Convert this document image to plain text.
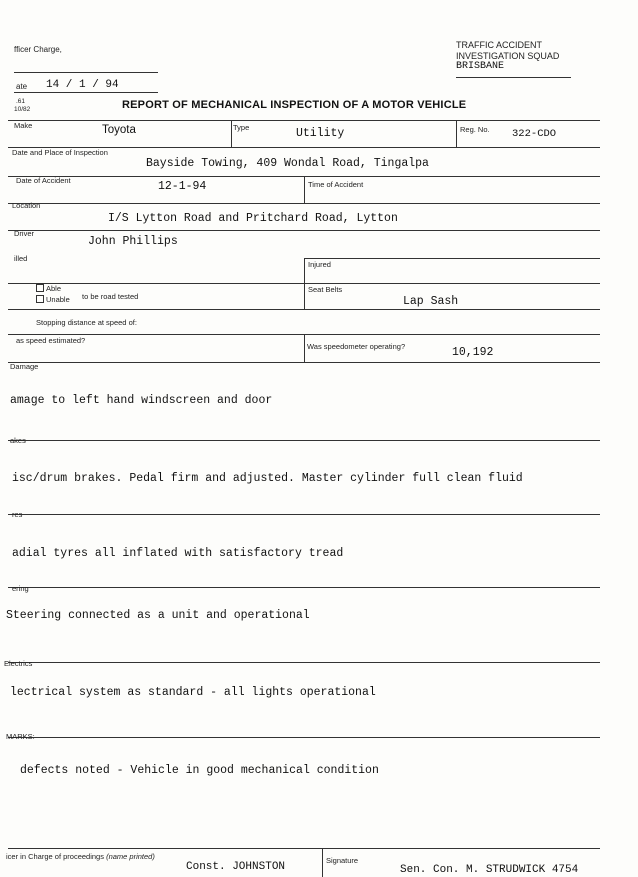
fficer Charge,
ate 14 / 1 / 94
TRAFFIC ACCIDENT
INVESTIGATION SQUAD
BRISBANE
.61
10/82	REPORT OF MECHANICAL INSPECTION OF A MOTOR VEHICLE
Make	Toyota	Type	Utility	Reg. No. 322-CDO
Date and Place of Inspection
Bayside Towing, 409 Wondal Road, Tingalpa
Date of Accident	12-1-94	Time of Accident
Location
I/S Lytton Road and Pritchard Road, Lytton
Driver
John Phillips
illed
Injured
Able
Unable to be road tested
Seat Belts
Lap Sash
Stopping distance at speed of:
as speed estimated?
Was speedometer operating?	10,192
Damage
amage to left hand windscreen and door
akes
isc/drum brakes. Pedal firm and adjusted. Master cylinder full clean fluid
res
adial tyres all inflated with satisfactory tread
ering
Steering connected as a unit and operational
Electrics
lectrical system as standard - all lights operational
MARKS:
defects noted - Vehicle in good mechanical condition
icer in Charge of proceedings (name printed)
Const. JOHNSTON
Signature
Sen. Con. M. STRUDWICK 4754
